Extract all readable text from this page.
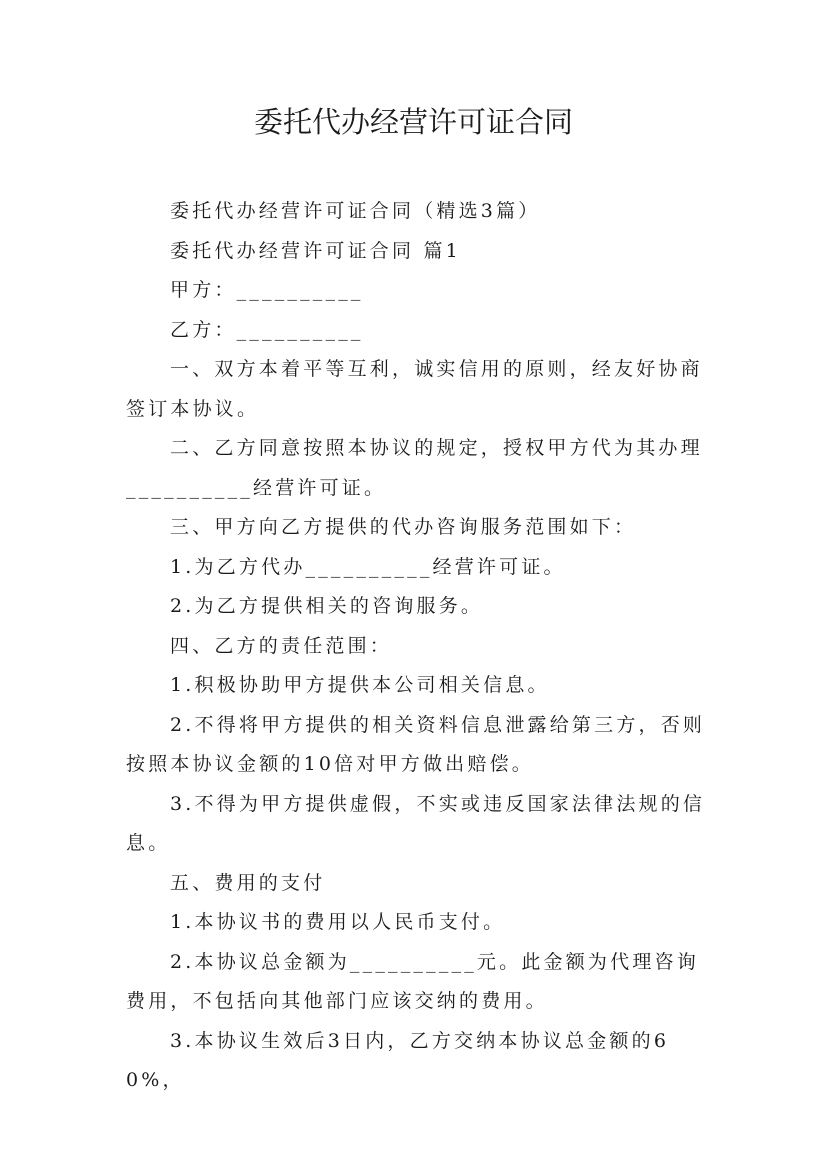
委托代办经营许可证合同

委托代办经营许可证合同（精选3篇）

委托代办经营许可证合同 篇1

甲方：__________

乙方：__________

一、双方本着平等互利，诚实信用的原则，经友好协商签订本协议。

二、乙方同意按照本协议的规定，授权甲方代为其办理__________经营许可证。

三、甲方向乙方提供的代办咨询服务范围如下：

1.为乙方代办__________经营许可证。

2.为乙方提供相关的咨询服务。

四、乙方的责任范围：

1.积极协助甲方提供本公司相关信息。

2.不得将甲方提供的相关资料信息泄露给第三方，否则按照本协议金额的10倍对甲方做出赔偿。

3.不得为甲方提供虚假，不实或违反国家法律法规的信息。

五、费用的支付

1.本协议书的费用以人民币支付。

2.本协议总金额为__________元。此金额为代理咨询费用，不包括向其他部门应该交纳的费用。

3.本协议生效后3日内，乙方交纳本协议总金额的60%，
